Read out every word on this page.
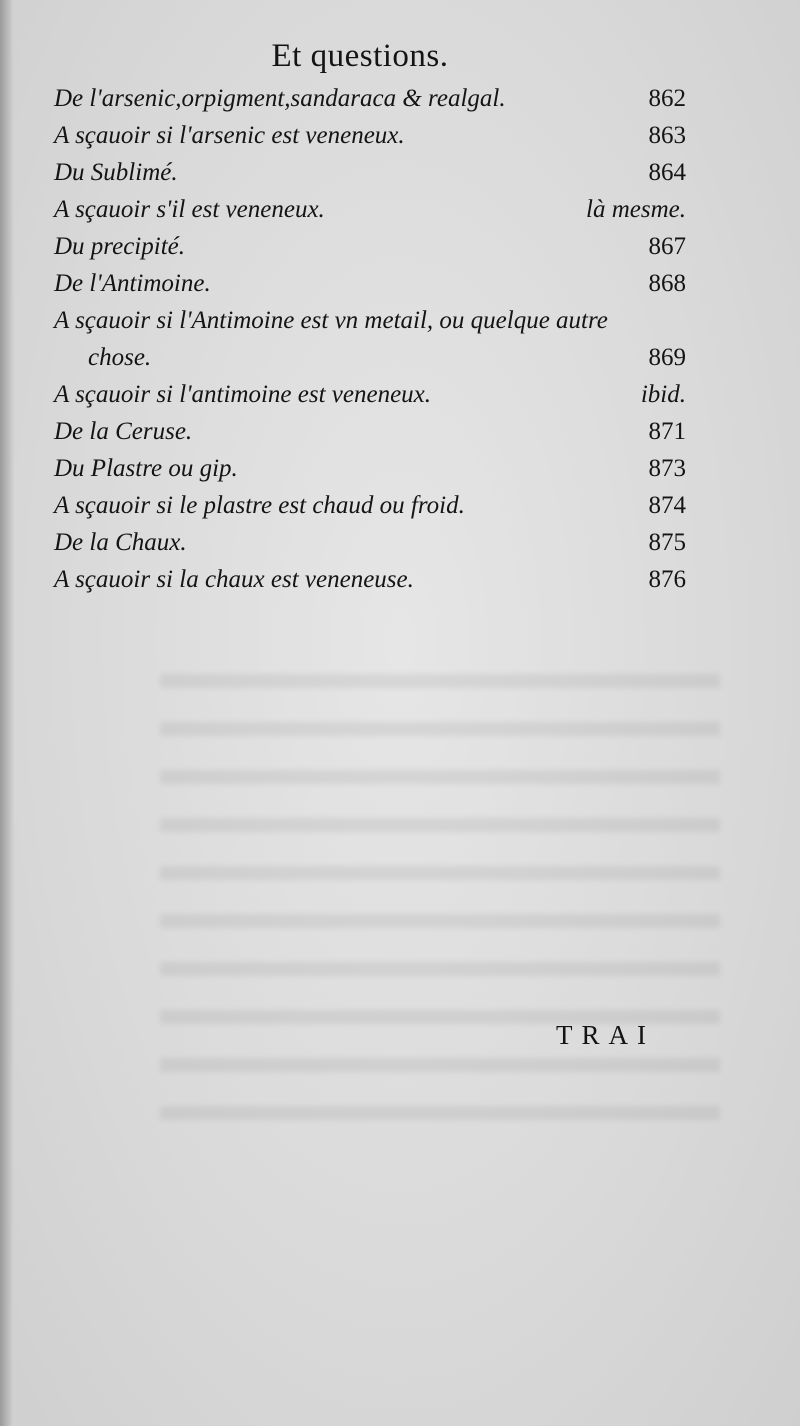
Et questions.
De l'arsenic,orpigment,sandaraca & realgal.	862
A sçauoir si l'arsenic est veneneux.	863
Du Sublimé.	864
A sçauoir s'il est veneneux.	là mesme.
Du precipité.	867
De l'Antimoine.	868
A sçauoir si l'Antimoine est vn metail, ou quelque autre
chose.	869
A sçauoir si l'antimoine est veneneux.	ibid.
De la Ceruse.	871
Du Plastre ou gip.	873
A sçauoir si le plastre est chaud ou froid.	874
De la Chaux.	875
A sçauoir si la chaux est veneneuse.	876
TRAI
